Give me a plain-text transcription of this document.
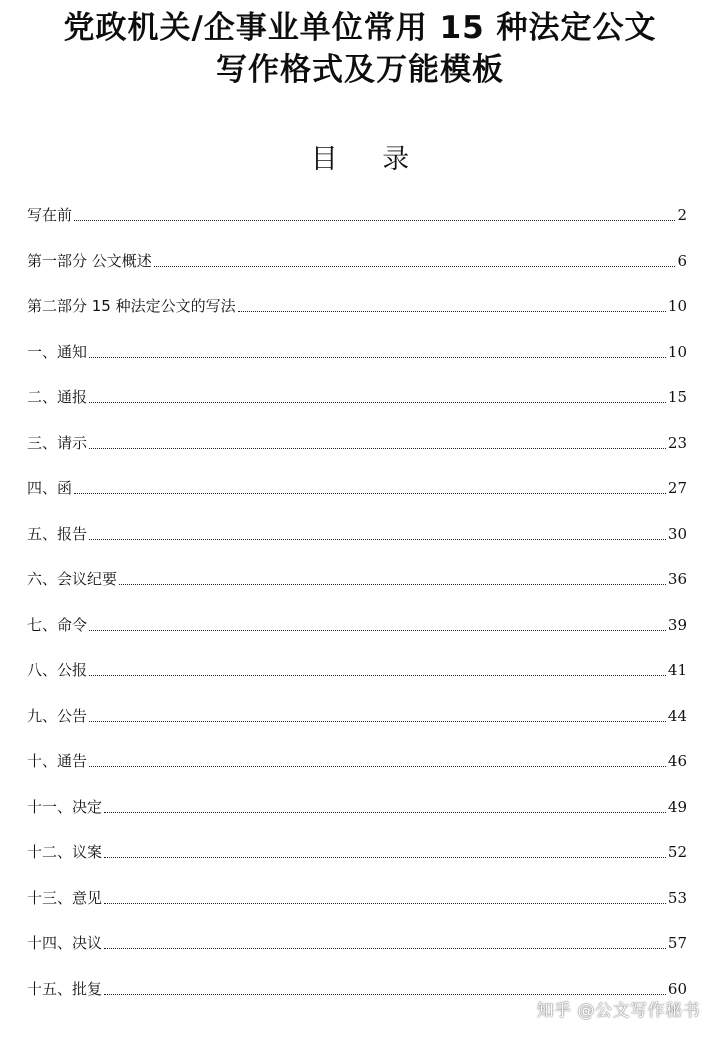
党政机关/企事业单位常用 15 种法定公文
写作格式及万能模板
目 录
写在前	2
第一部分 公文概述	6
第二部分 15 种法定公文的写法	10
一、通知	10
二、通报	15
三、请示	23
四、函	27
五、报告	30
六、会议纪要	36
七、命令	39
八、公报	41
九、公告	44
十、通告	46
十一、决定	49
十二、议案	52
十三、意见	53
十四、决议	57
十五、批复	60
知乎 @公文写作秘书
